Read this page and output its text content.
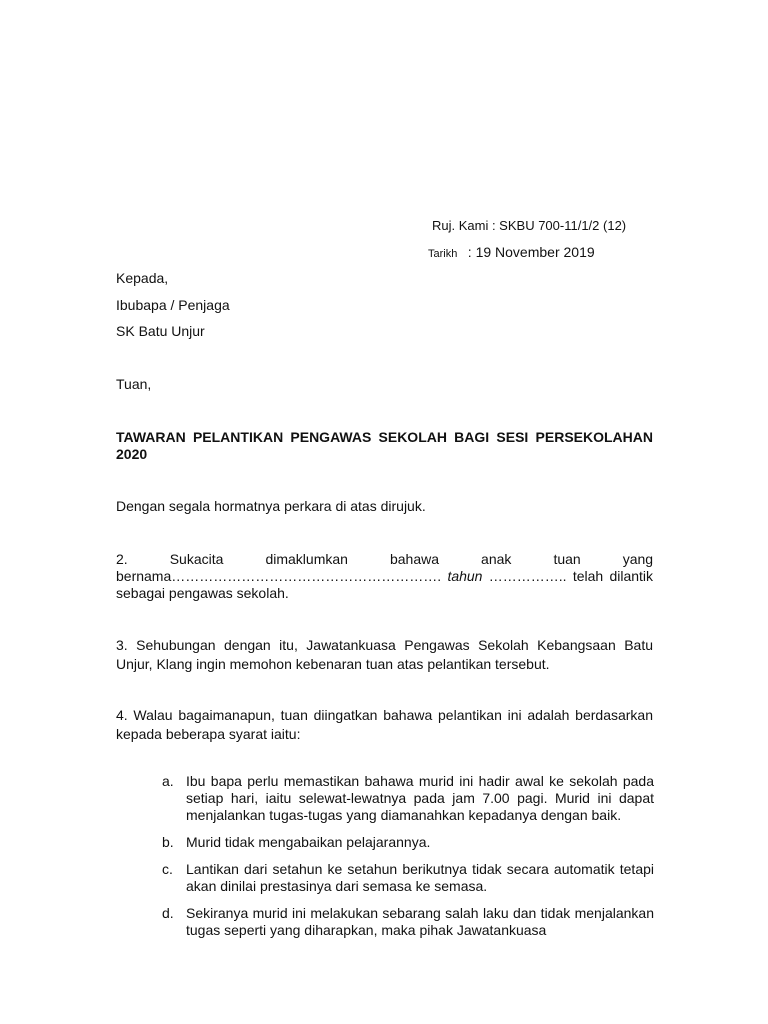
Ruj. Kami : SKBU 700-11/1/2 (12)
Tarikh : 19 November 2019
Kepada,
Ibubapa / Penjaga
SK Batu Unjur
Tuan,
TAWARAN PELANTIKAN PENGAWAS SEKOLAH BAGI SESI PERSEKOLAHAN 2020
Dengan segala hormatnya perkara di atas dirujuk.
2.	Sukacita	dimaklumkan	bahawa	anak	tuan	yang
bernama…………………………………………………. tahun …………….. telah dilantik
sebagai pengawas sekolah.
3. Sehubungan dengan itu, Jawatankuasa Pengawas Sekolah Kebangsaan Batu Unjur, Klang ingin memohon kebenaran tuan atas pelantikan tersebut.
4. Walau bagaimanapun, tuan diingatkan bahawa pelantikan ini adalah berdasarkan kepada beberapa syarat iaitu:
a. Ibu bapa perlu memastikan bahawa murid ini hadir awal ke sekolah pada setiap hari, iaitu selewat-lewatnya pada jam 7.00 pagi. Murid ini dapat menjalankan tugas-tugas yang diamanahkan kepadanya dengan baik.
b. Murid tidak mengabaikan pelajarannya.
c. Lantikan dari setahun ke setahun berikutnya tidak secara automatik tetapi akan dinilai prestasinya dari semasa ke semasa.
d. Sekiranya murid ini melakukan sebarang salah laku dan tidak menjalankan tugas seperti yang diharapkan, maka pihak Jawatankuasa
